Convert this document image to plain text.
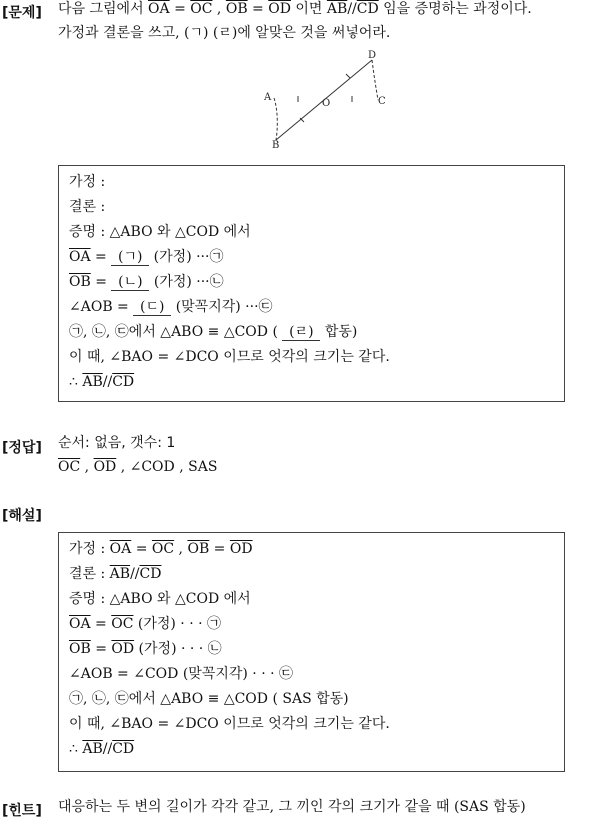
[문제] 다음 그림에서 $\overline{OA} = \overline{OC}$ , $\overline{OB} = \overline{OD}$ 이면 $\overline{AB}//\overline{CD}$ 임을 증명하는 과정이다.
가정과 결론을 쓰고, (ㄱ) (ㄹ)에 알맞은 것을 써넣어라.
A
B
O
D
C
가정 :
결론 :
증명 : △ABO 와 △COD 에서
$\overline{OA}$ = (ㄱ) (가정) ···㉠
$\overline{OB}$ = (ㄴ) (가정) ···㉡
∠AOB = (ㄷ) (맞꼭지각) ···㉢
㉠, ㉡, ㉢에서 △ABO ≡ △COD ( (ㄹ) 합동)
이 때, ∠BAO = ∠DCO 이므로 엇각의 크기는 같다.
∴ $\overline{AB}//\overline{CD}$
[정답] 순서: 없음, 갯수: 1
$\overline{OC}$ , $\overline{OD}$ , ∠COD , SAS
[해설]
가정 : $\overline{OA} = \overline{OC}$ , $\overline{OB} = \overline{OD}$
결론 : $\overline{AB}//\overline{CD}$
증명 : △ABO 와 △COD 에서
$\overline{OA} = \overline{OC}$ (가정) · · · ㉠
$\overline{OB} = \overline{OD}$ (가정) · · · ㉡
∠AOB = ∠COD (맞꼭지각) · · · ㉢
㉠, ㉡, ㉢에서 △ABO ≡ △COD ( SAS 합동)
이 때, ∠BAO = ∠DCO 이므로 엇각의 크기는 같다.
∴ $\overline{AB}//\overline{CD}$
[힌트] 대응하는 두 변의 길이가 각각 같고, 그 끼인 각의 크기가 같을 때 (SAS 합동)
